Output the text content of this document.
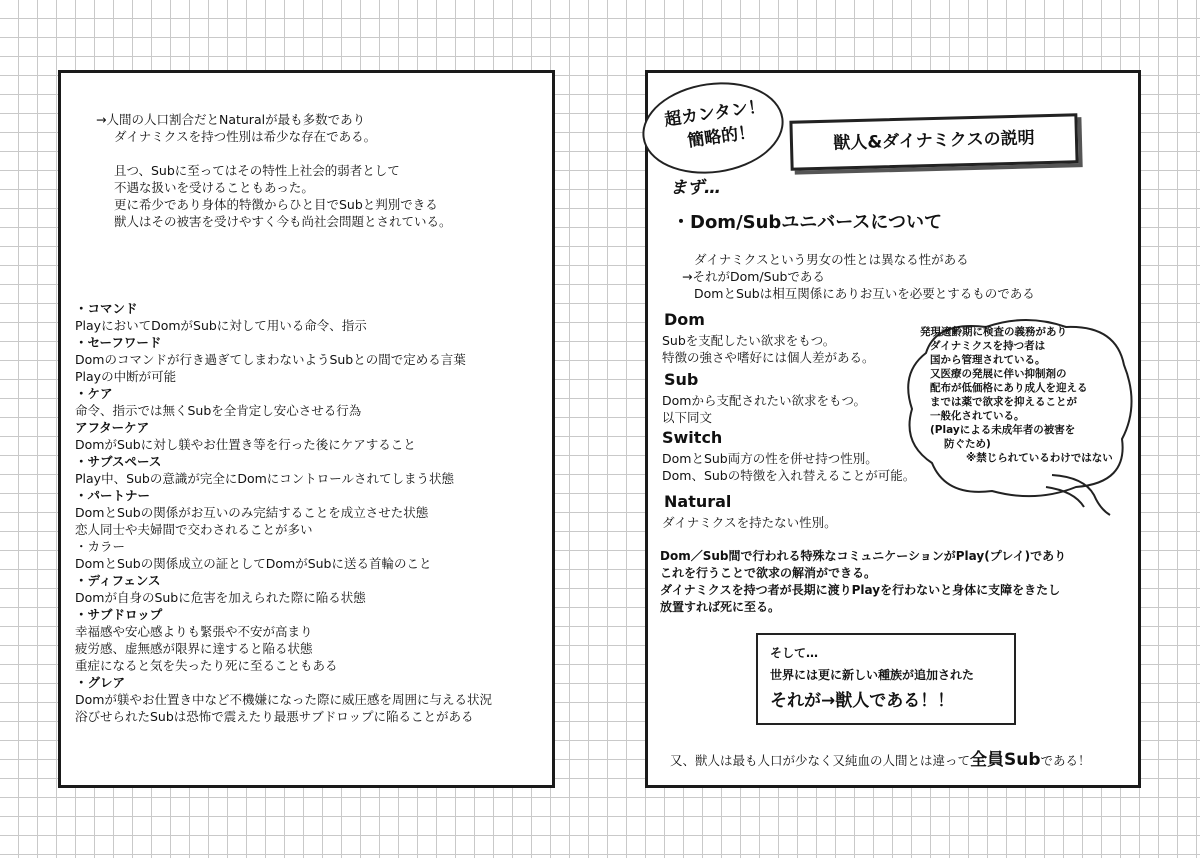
→人間の人口割合だとNaturalが最も多数であり
ダイナミクスを持つ性別は希少な存在である。
且つ、Subに至ってはその特性上社会的弱者として
不遇な扱いを受けることもあった。
更に希少であり身体的特徴からひと目でSubと判別できる
獣人はその被害を受けやすく今も尚社会問題とされている。
・コマンド
PlayにおいてDomがSubに対して用いる命令、指示
・セーフワード
Domのコマンドが行き過ぎてしまわないようSubとの間で定める言葉
Playの中断が可能
・ケア
命令、指示では無くSubを全肯定し安心させる行為
アフターケア
DomがSubに対し躾やお仕置き等を行った後にケアすること
・サブスペース
Play中、Subの意識が完全にDomにコントロールされてしまう状態
・パートナー
DomとSubの関係がお互いのみ完結することを成立させた状態
恋人同士や夫婦間で交わされることが多い
・カラー
DomとSubの関係成立の証としてDomがSubに送る首輪のこと
・ディフェンス
Domが自身のSubに危害を加えられた際に陥る状態
・サブドロップ
幸福感や安心感よりも緊張や不安が高まり
疲労感、虚無感が限界に達すると陥る状態
重症になると気を失ったり死に至ることもある
・グレア
Domが躾やお仕置き中など不機嫌になった際に威圧感を周囲に与える状況
浴びせられたSubは恐怖で震えたり最悪サブドロップに陥ることがある
超カンタン！
簡略的！	獣人&ダイナミクスの説明
まず…
・Dom/Subユニバースについて
ダイナミクスという男女の性とは異なる性がある
→それがDom/Subである
DomとSubは相互関係にありお互いを必要とするものである
Dom
Subを支配したい欲求をもつ。
特徴の強さや嗜好には個人差がある。
Sub
Domから支配されたい欲求をもつ。
以下同文
Switch
DomとSub両方の性を併せ持つ性別。
Dom、Subの特徴を入れ替えることが可能。
Natural
ダイナミクスを持たない性別。
発現適齢期に検査の義務があり
ダイナミクスを持つ者は
国から管理されている。
又医療の発展に伴い抑制剤の
配布が低価格にあり成人を迎える
までは薬で欲求を抑えることが
一般化されている。
(Playによる未成年者の被害を
防ぐため)
※禁じられているわけではない
Dom／Sub間で行われる特殊なコミュニケーションがPlay(プレイ)であり
これを行うことで欲求の解消ができる。
ダイナミクスを持つ者が長期に渡りPlayを行わないと身体に支障をきたし
放置すれば死に至る。
そして…
世界には更に新しい種族が追加された
それが→獣人である！！
又、獣人は最も人口が少なく又純血の人間とは違って全員Subである！
